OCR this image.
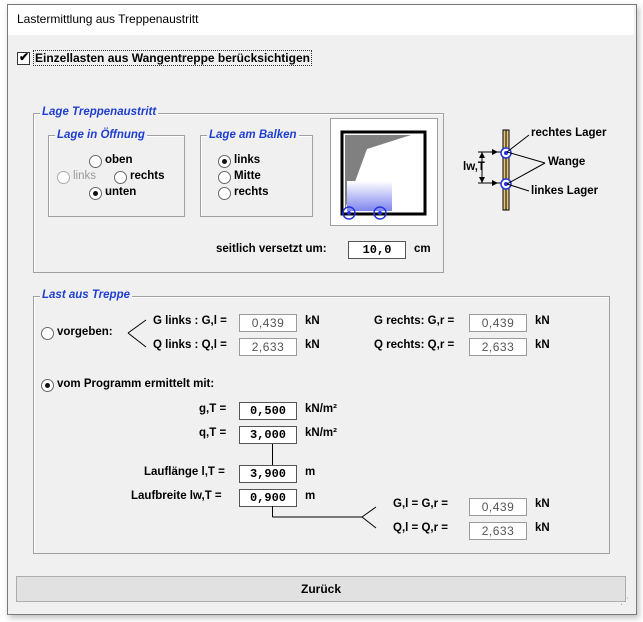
Lastermittlung aus Treppenaustritt
✔ Einzellasten aus Wangentreppe berücksichtigen
Lage Treppenaustritt
Lage in Öffnung
oben
links	rechts
unten
Lage am Balken
links
Mitte
rechts
seitlich versetzt um:	10,0	cm
lw,T
rechtes Lager
Wange
linkes Lager
Last aus Treppe
vorgeben:
G links : G,l =	0,439	kN
Q links : Q,l =	2,633	kN
G rechts: G,r =	0,439	kN
Q rechts: Q,r =	2,633	kN
vom Programm ermittelt mit:
g,T =	0,500	kN/m²
q,T =	3,000	kN/m²
Lauflänge l,T =	3,900	m
Laufbreite lw,T =	0,900	m
G,l = G,r =	0,439	kN
Q,l = Q,r =	2,633	kN
Zurück
⋰
